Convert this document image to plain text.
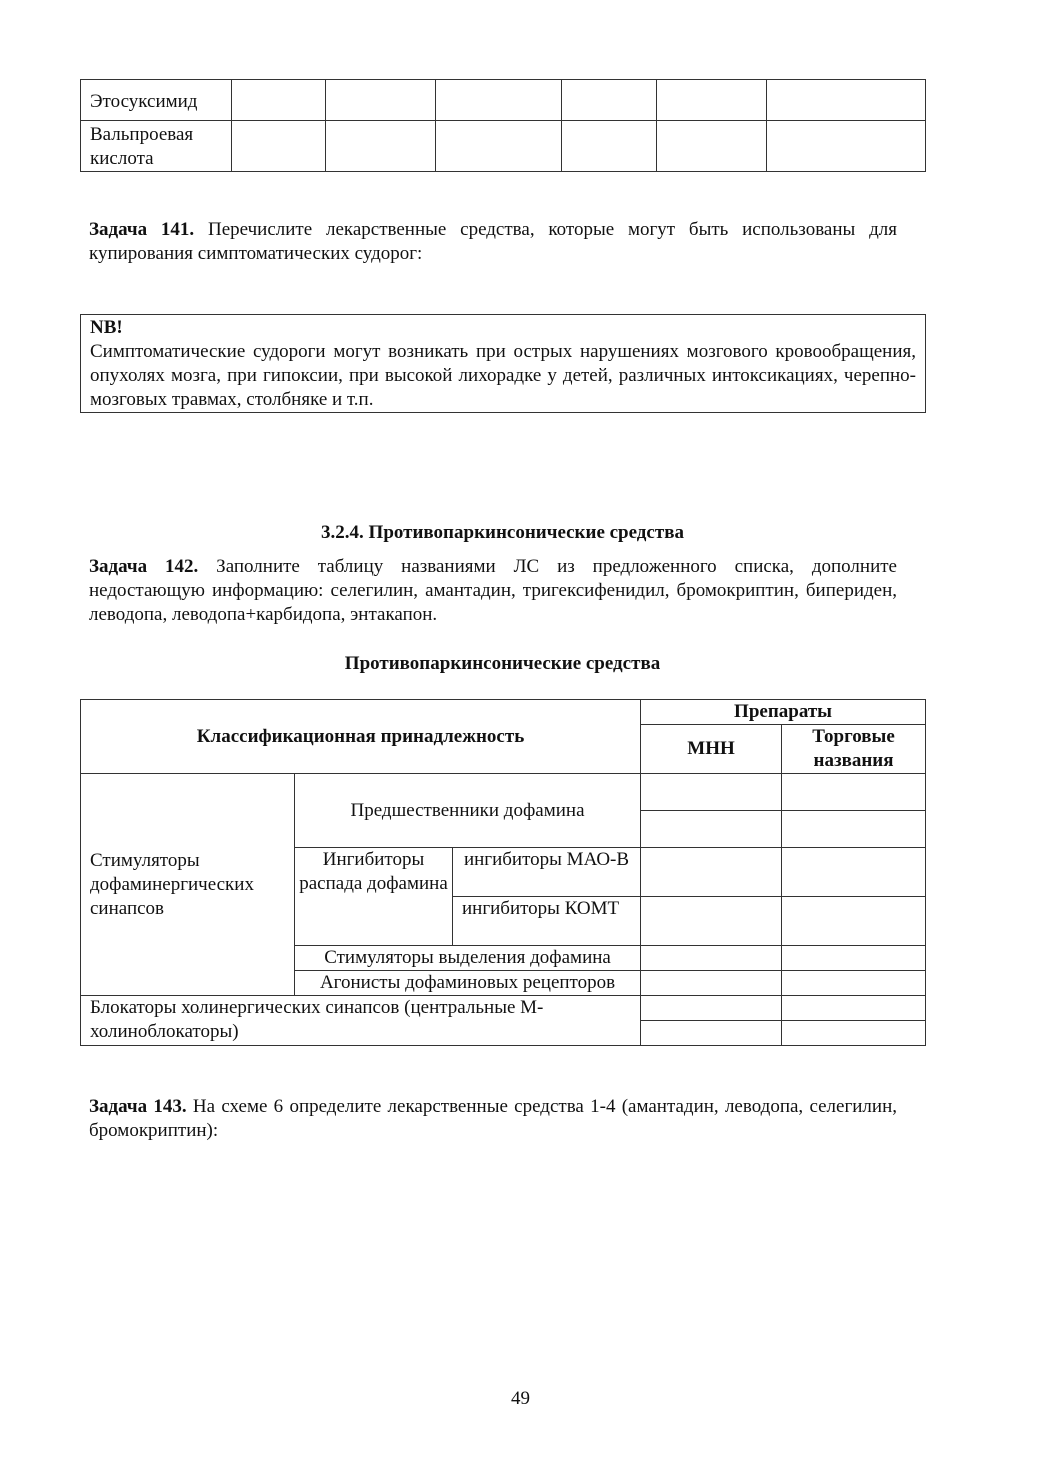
Этосуксимид						
Вальпроевая кислота						

Задача 141. Перечислите лекарственные средства, которые могут быть использованы для купирования симптоматических судорог:

NB!
Симптоматические судороги могут возникать при острых нарушениях мозгового кровообращения, опухолях мозга, при гипоксии, при высокой лихорадке у детей, различных интоксикациях, черепно-мозговых травмах, столбняке и т.п.

3.2.4. Противопаркинсонические средства

Задача 142. Заполните таблицу названиями ЛС из предложенного списка, дополните недостающую информацию: селегилин, амантадин, тригексифенидил, бромокриптин, бипериден, леводопа, леводопа+карбидопа, энтакапон.

Противопаркинсонические средства

Классификационная принадлежность			Препараты	
			МНН	Торговые названия
Стимуляторы дофаминергических синапсов	Предшественники дофамина			

	Ингибиторы распада дофамина	ингибиторы МАО-В		
		ингибиторы КОМТ		
	Стимуляторы выделения дофамина			
	Агонисты дофаминовых рецепторов			
Блокаторы холинергических синапсов (центральные М-холиноблокаторы)				

Задача 143. На схеме 6 определите лекарственные средства 1-4 (амантадин, леводопа, селегилин, бромокриптин):

49
